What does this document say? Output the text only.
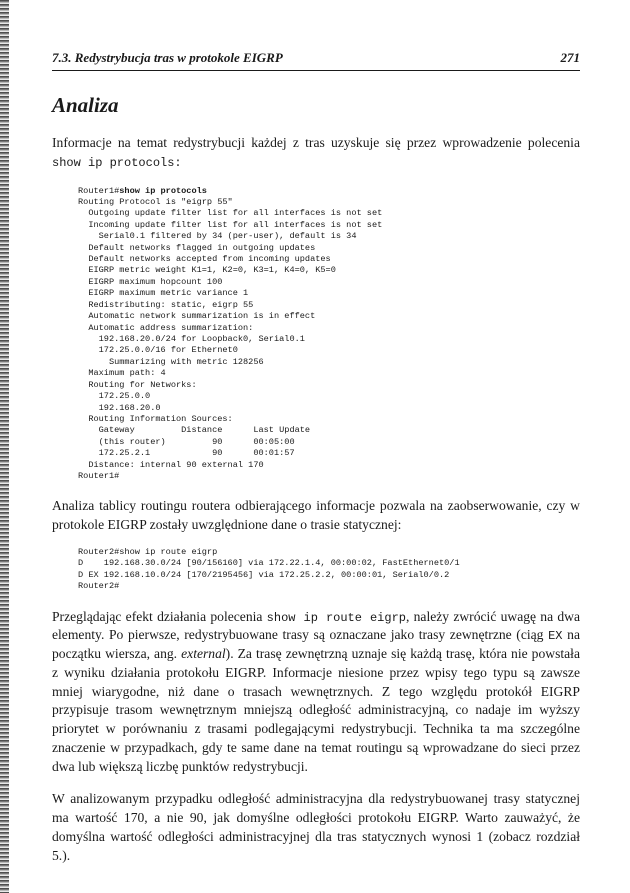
7.3. Redystrybucja tras w protokole EIGRP	271
Analiza

Informacje na temat redystrybucji każdej z tras uzyskuje się przez wprowadzenie polecenia show ip protocols:

Router1#show ip protocols
Routing Protocol is "eigrp 55"
Outgoing update filter list for all interfaces is not set
Incoming update filter list for all interfaces is not set
Serial0.1 filtered by 34 (per-user), default is 34
Default networks flagged in outgoing updates
Default networks accepted from incoming updates
EIGRP metric weight K1=1, K2=0, K3=1, K4=0, K5=0
EIGRP maximum hopcount 100
EIGRP maximum metric variance 1
Redistributing: static, eigrp 55
Automatic network summarization is in effect
Automatic address summarization:
192.168.20.0/24 for Loopback0, Serial0.1
172.25.0.0/16 for Ethernet0
Summarizing with metric 128256
Maximum path: 4
Routing for Networks:
172.25.0.0
192.168.20.0
Routing Information Sources:
Gateway         Distance      Last Update
(this router)         90      00:05:00
172.25.2.1            90      00:01:57
Distance: internal 90 external 170
Router1#

Analiza tablicy routingu routera odbierającego informacje pozwala na zaobserwowanie, czy w protokole EIGRP zostały uwzględnione dane o trasie statycznej:

Router2#show ip route eigrp
D    192.168.30.0/24 [90/156160] via 172.22.1.4, 00:00:02, FastEthernet0/1
D EX 192.168.10.0/24 [170/2195456] via 172.25.2.2, 00:00:01, Serial0/0.2
Router2#

Przeglądając efekt działania polecenia show ip route eigrp, należy zwrócić uwagę na dwa elementy. Po pierwsze, redystrybuowane trasy są oznaczane jako trasy zewnętrzne (ciąg EX na początku wiersza, ang. external). Za trasę zewnętrzną uznaje się każdą trasę, która nie powstała z wyniku działania protokołu EIGRP. Informacje niesione przez wpisy tego typu są zawsze mniej wiarygodne, niż dane o trasach wewnętrznych. Z tego względu protokół EIGRP przypisuje trasom wewnętrznym mniejszą odległość administracyjną, co nadaje im wyższy priorytet w porównaniu z trasami podlegającymi redystrybucji. Technika ta ma szczególne znaczenie w przypadkach, gdy te same dane na temat routingu są wprowadzane do sieci przez dwa lub większą liczbę punktów redystrybucji.

W analizowanym przypadku odległość administracyjna dla redystrybuowanej trasy statycznej ma wartość 170, a nie 90, jak domyślne odległości protokołu EIGRP. Warto zauważyć, że domyślna wartość odległości administracyjnej dla tras statycznych wynosi 1 (zobacz rozdział 5.).
